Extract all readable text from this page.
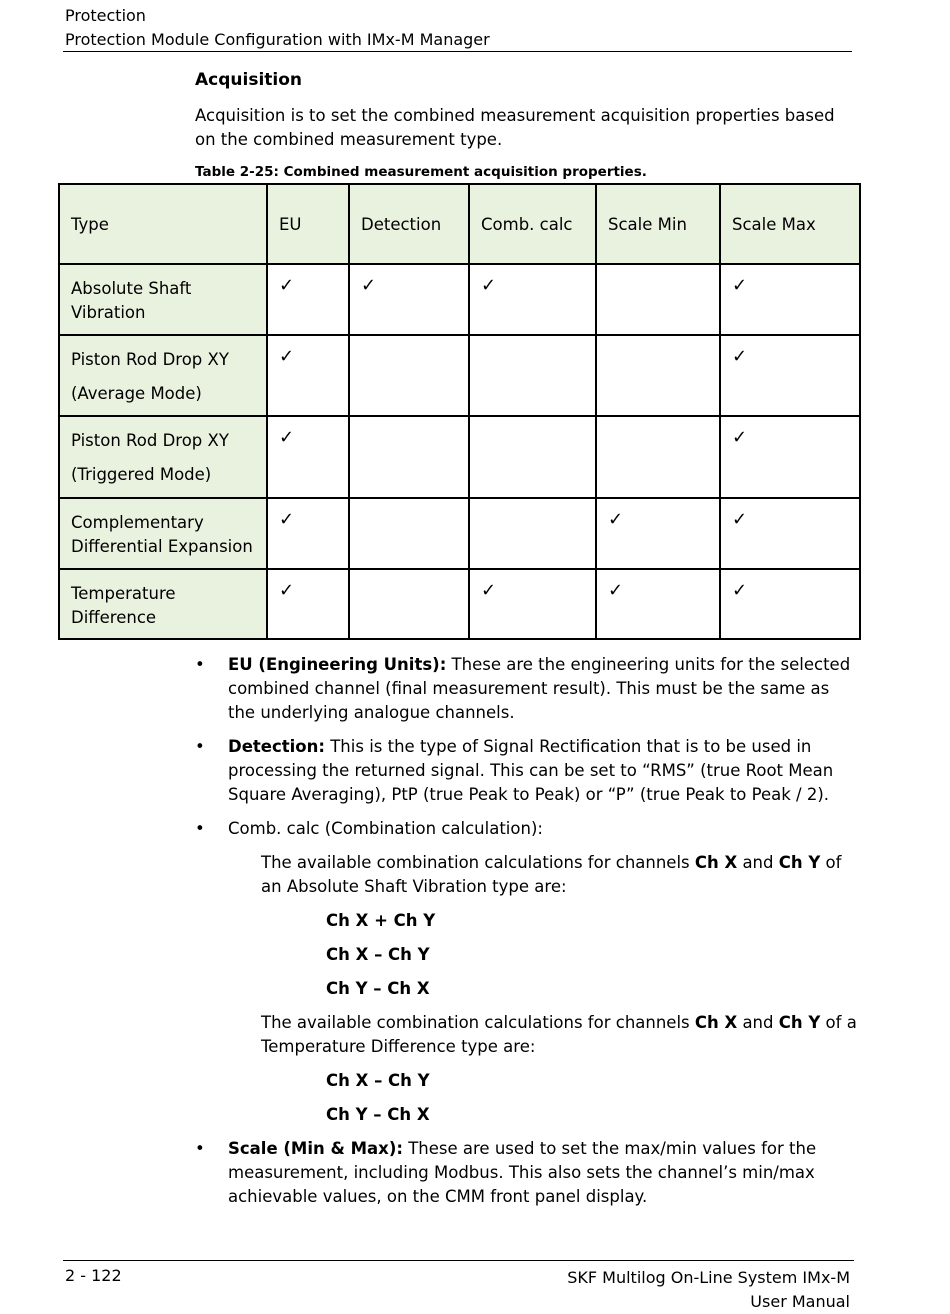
Protection
Protection Module Configuration with IMx-M Manager
Acquisition
Acquisition is to set the combined measurement acquisition properties based on the combined measurement type.
Table 2-25: Combined measurement acquisition properties.
Type	EU	Detection	Comb. calc	Scale Min	Scale Max

Absolute Shaft
Vibration	✓	✓	✓		✓

Piston Rod Drop XY
(Average Mode)	✓				✓

Piston Rod Drop XY
(Triggered Mode)	✓				✓

Complementary
Differential Expansion	✓			✓	✓

Temperature
Difference	✓		✓	✓	✓
• EU (Engineering Units): These are the engineering units for the selected combined channel (final measurement result). This must be the same as the underlying analogue channels.
• Detection: This is the type of Signal Rectification that is to be used in processing the returned signal. This can be set to “RMS” (true Root Mean Square Averaging), PtP (true Peak to Peak) or “P” (true Peak to Peak / 2).
• Comb. calc (Combination calculation):
The available combination calculations for channels Ch X and Ch Y of an Absolute Shaft Vibration type are:
Ch X + Ch Y
Ch X – Ch Y
Ch Y – Ch X
The available combination calculations for channels Ch X and Ch Y of a Temperature Difference type are:
Ch X – Ch Y
Ch Y – Ch X
• Scale (Min & Max): These are used to set the max/min values for the measurement, including Modbus. This also sets the channel’s min/max achievable values, on the CMM front panel display.
2 - 122	SKF Multilog On-Line System IMx-M
User Manual
